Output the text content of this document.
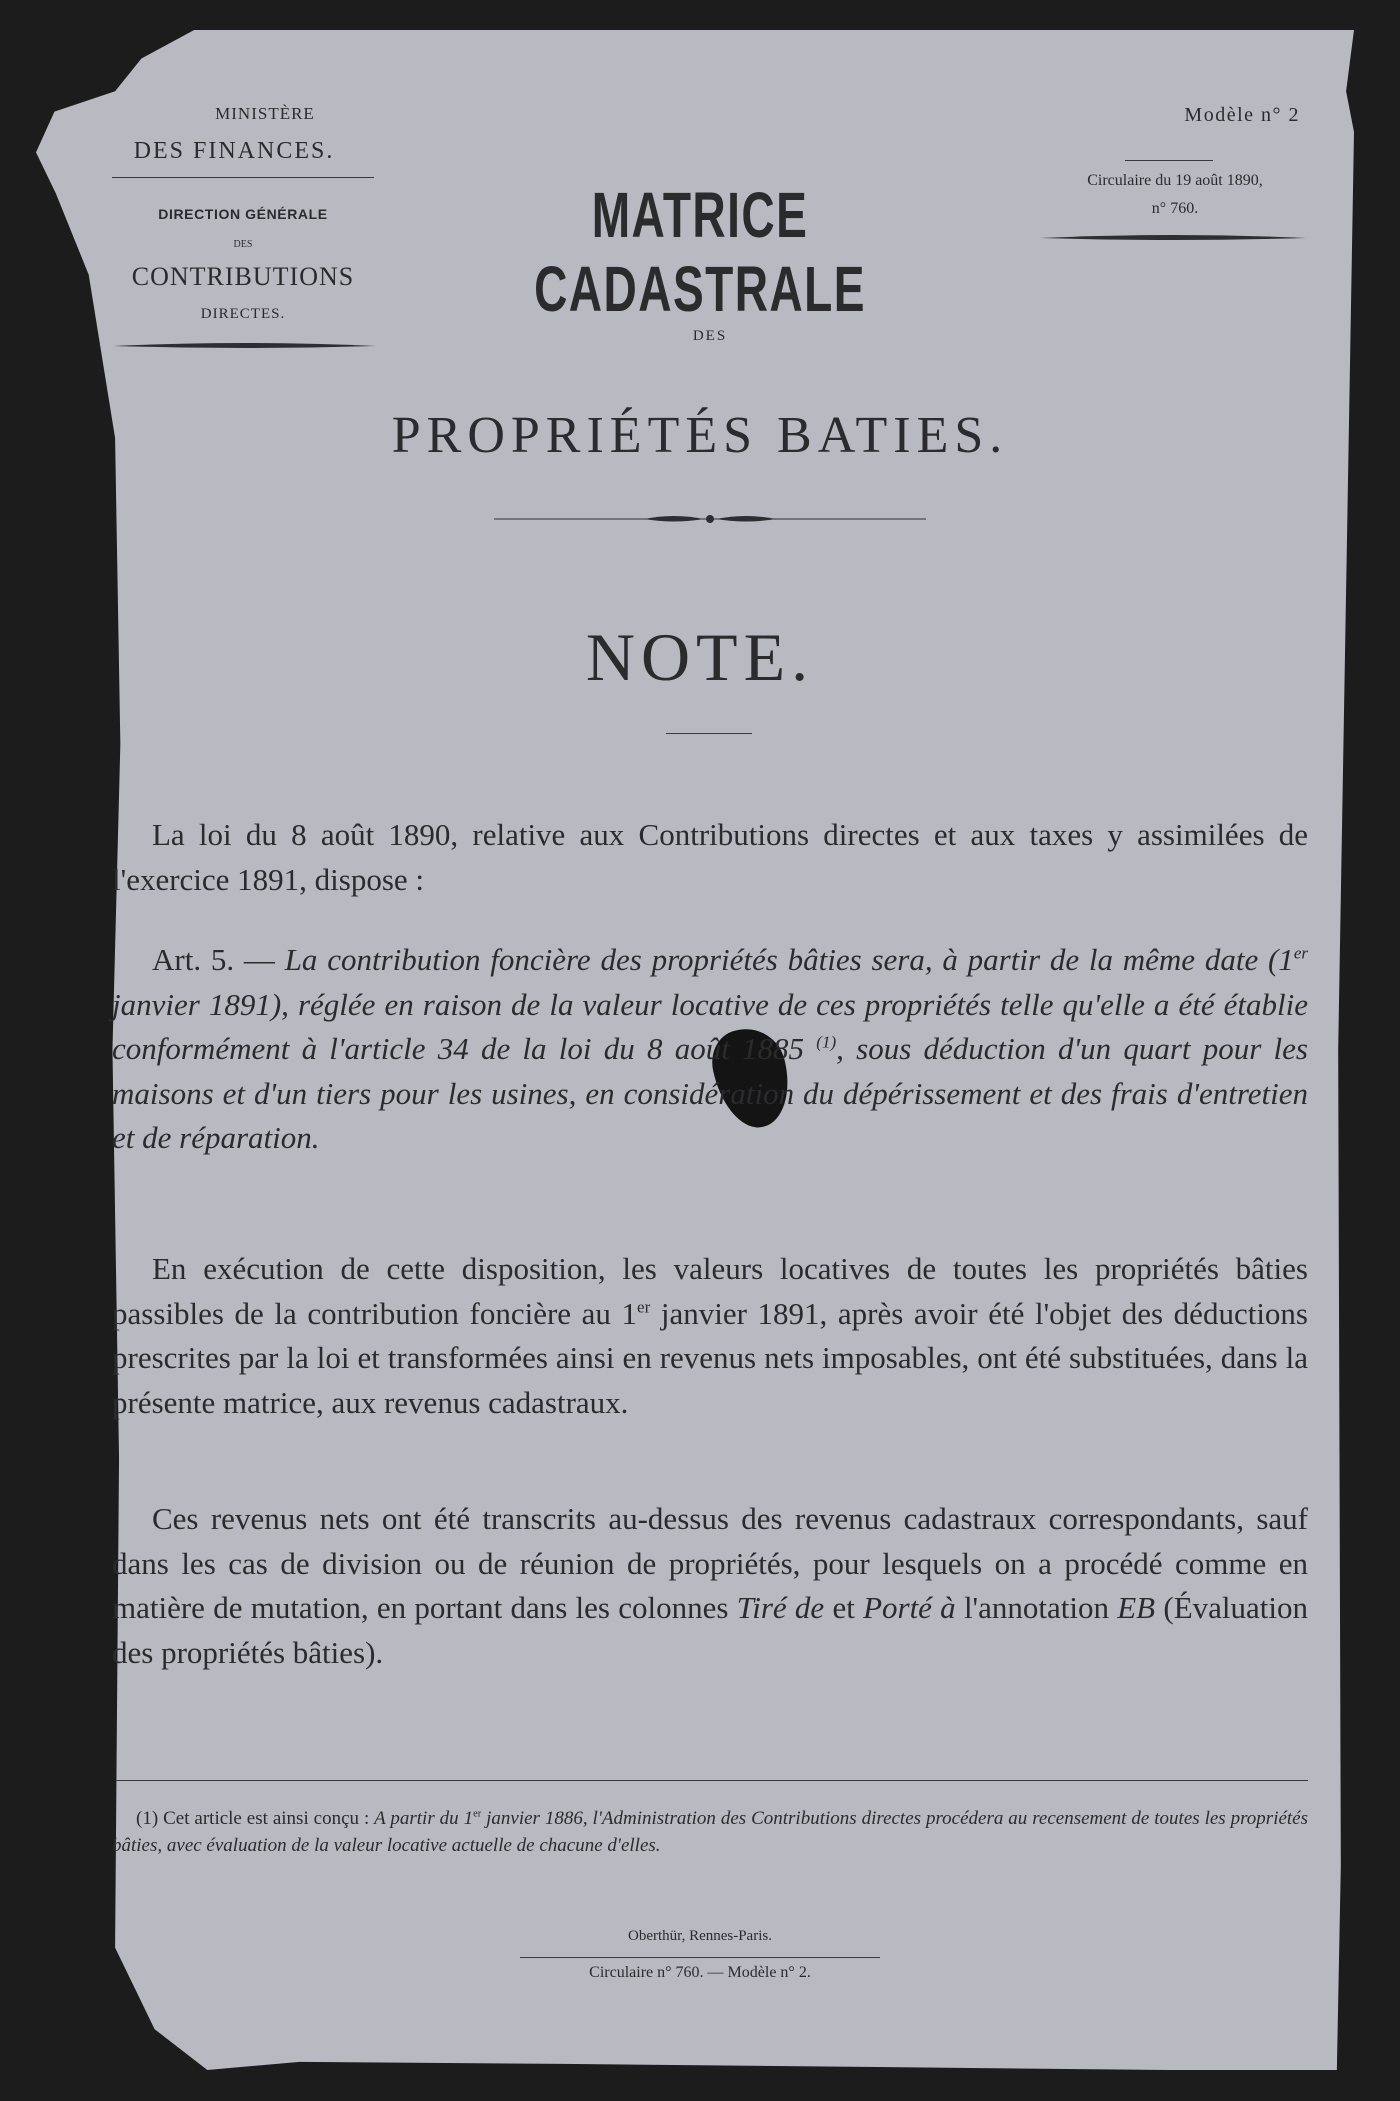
MINISTÈRE
DES FINANCES.
DIRECTION GÉNÉRALE
DES
CONTRIBUTIONS
DIRECTES.
Modèle n° 2
Circulaire du 19 août 1890,
n° 760.
MATRICE CADASTRALE
DES
PROPRIÉTÉS BATIES.
NOTE.

La loi du 8 août 1890, relative aux Contributions directes et aux taxes y assimilées de l'exercice 1891, dispose :

Art. 5. — La contribution foncière des propriétés bâties sera, à partir de la même date (1er janvier 1891), réglée en raison de la valeur locative de ces propriétés telle qu'elle a été établie conformément à l'article 34 de la loi du 8 août 1885 $^{(1)}$, sous déduction d'un quart pour les maisons et d'un tiers pour les usines, en considération du dépérissement et des frais d'entretien et de réparation.

En exécution de cette disposition, les valeurs locatives de toutes les propriétés bâties passibles de la contribution foncière au 1er janvier 1891, après avoir été l'objet des déductions prescrites par la loi et transformées ainsi en revenus nets imposables, ont été substituées, dans la présente matrice, aux revenus cadastraux.

Ces revenus nets ont été transcrits au-dessus des revenus cadastraux correspondants, sauf dans les cas de division ou de réunion de propriétés, pour lesquels on a procédé comme en matière de mutation, en portant dans les colonnes Tiré de et Porté à l'annotation EB (Évaluation des propriétés bâties).

(1) Cet article est ainsi conçu : A partir du 1er janvier 1886, l'Administration des Contributions directes procédera au recensement de toutes les propriétés bâties, avec évaluation de la valeur locative actuelle de chacune d'elles.

Oberthür, Rennes-Paris.
Circulaire n° 760. — Modèle n° 2.
